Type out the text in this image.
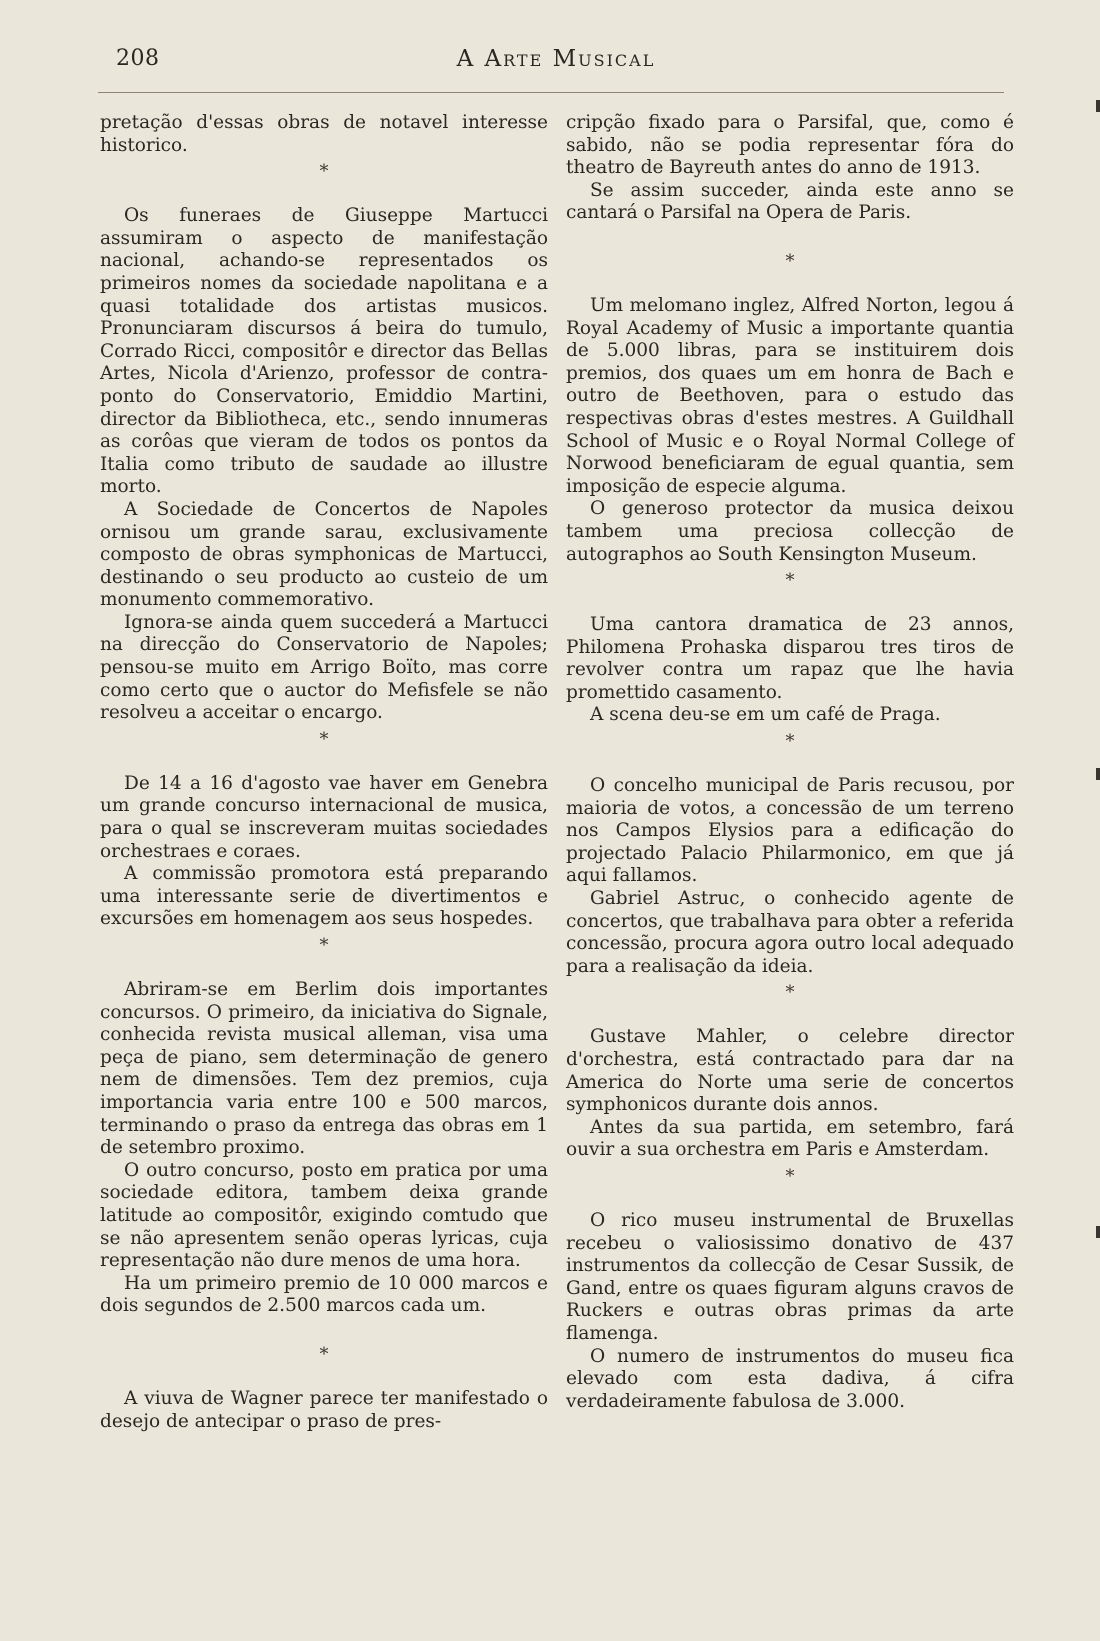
208	A Arte Musical

pretação d'essas obras de notavel interesse historico.

*

Os funeraes de Giuseppe Martucci assumiram o aspecto de manifestação nacional, achando-se representados os primeiros nomes da sociedade napolitana e a quasi totalidade dos artistas musicos. Pronunciaram discursos á beira do tumulo, Corrado Ricci, compositôr e director das Bellas Artes, Nicola d'Arienzo, professor de contra-ponto do Conservatorio, Emiddio Martini, director da Bibliotheca, etc., sendo innumeras as corôas que vieram de todos os pontos da Italia como tributo de saudade ao illustre morto.

A Sociedade de Concertos de Napoles ornisou um grande sarau, exclusivamente composto de obras symphonicas de Martucci, destinando o seu producto ao custeio de um monumento commemorativo.

Ignora-se ainda quem succederá a Martucci na direcção do Conservatorio de Napoles; pensou-se muito em Arrigo Boïto, mas corre como certo que o auctor do Mefisfele se não resolveu a acceitar o encargo.

*

De 14 a 16 d'agosto vae haver em Genebra um grande concurso internacional de musica, para o qual se inscreveram muitas sociedades orchestraes e coraes.

A commissão promotora está preparando uma interessante serie de divertimentos e excursões em homenagem aos seus hospedes.

*

Abriram-se em Berlim dois importantes concursos. O primeiro, da iniciativa do Signale, conhecida revista musical alleman, visa uma peça de piano, sem determinação de genero nem de dimensões. Tem dez premios, cuja importancia varia entre 100 e 500 marcos, terminando o praso da entrega das obras em 1 de setembro proximo.

O outro concurso, posto em pratica por uma sociedade editora, tambem deixa grande latitude ao compositôr, exigindo comtudo que se não apresentem senão operas lyricas, cuja representação não dure menos de uma hora.

Ha um primeiro premio de 10 000 marcos e dois segundos de 2.500 marcos cada um.

*

A viuva de Wagner parece ter manifestado o desejo de antecipar o praso de pres-

cripção fixado para o Parsifal, que, como é sabido, não se podia representar fóra do theatro de Bayreuth antes do anno de 1913.

Se assim succeder, ainda este anno se cantará o Parsifal na Opera de Paris.

*

Um melomano inglez, Alfred Norton, legou á Royal Academy of Music a importante quantia de 5.000 libras, para se instituirem dois premios, dos quaes um em honra de Bach e outro de Beethoven, para o estudo das respectivas obras d'estes mestres. A Guildhall School of Music e o Royal Normal College of Norwood beneficiaram de egual quantia, sem imposição de especie alguma.

O generoso protector da musica deixou tambem uma preciosa collecção de autographos ao South Kensington Museum.

*

Uma cantora dramatica de 23 annos, Philomena Prohaska disparou tres tiros de revolver contra um rapaz que lhe havia promettido casamento.

A scena deu-se em um café de Praga.

*

O concelho municipal de Paris recusou, por maioria de votos, a concessão de um terreno nos Campos Elysios para a edificação do projectado Palacio Philarmonico, em que já aqui fallamos.

Gabriel Astruc, o conhecido agente de concertos, que trabalhava para obter a referida concessão, procura agora outro local adequado para a realisação da ideia.

*

Gustave Mahler, o celebre director d'orchestra, está contractado para dar na America do Norte uma serie de concertos symphonicos durante dois annos.

Antes da sua partida, em setembro, fará ouvir a sua orchestra em Paris e Amsterdam.

*

O rico museu instrumental de Bruxellas recebeu o valiosissimo donativo de 437 instrumentos da collecção de Cesar Sussik, de Gand, entre os quaes figuram alguns cravos de Ruckers e outras obras primas da arte flamenga.

O numero de instrumentos do museu fica elevado com esta dadiva, á cifra verdadeiramente fabulosa de 3.000.
